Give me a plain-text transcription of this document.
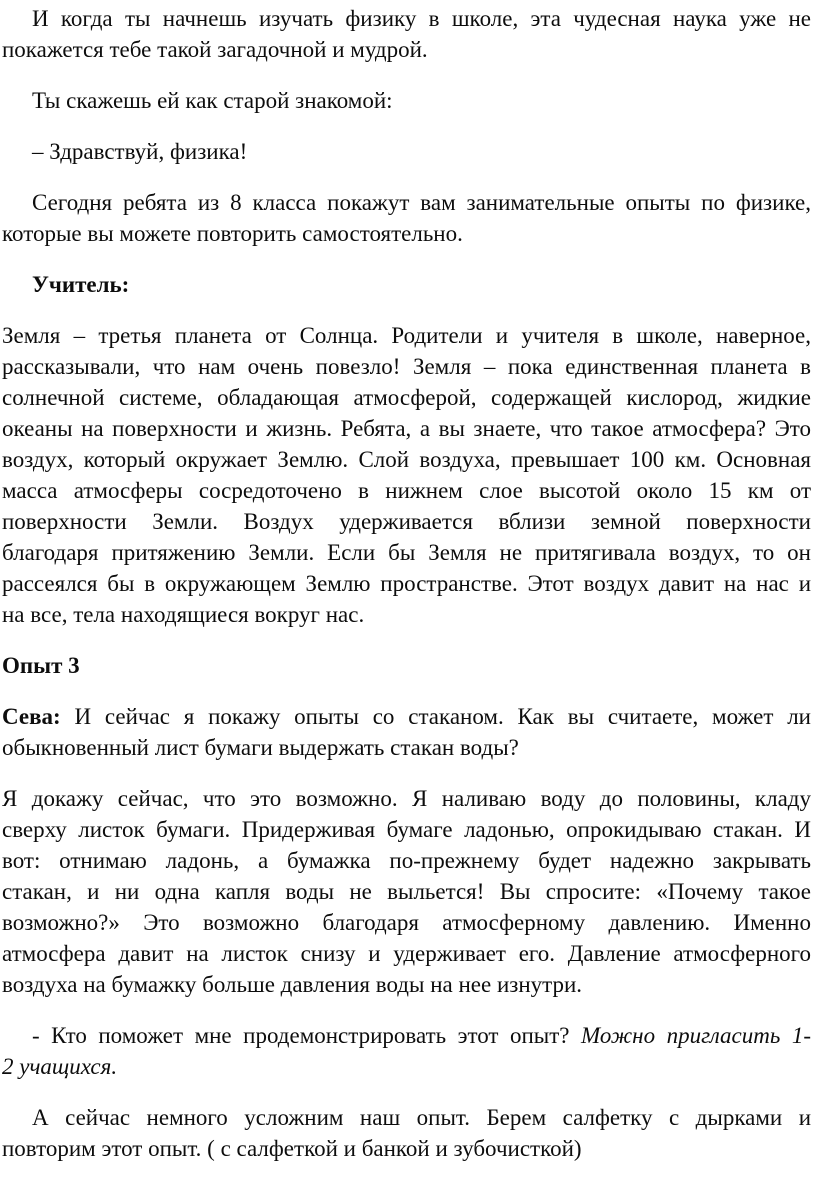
И когда ты начнешь изучать физику в школе, эта чудесная наука уже не
покажется тебе такой загадочной и мудрой.
Ты скажешь ей как старой знакомой:
– Здравствуй, физика!
Сегодня ребята из 8 класса покажут вам занимательные опыты по физике,
которые вы можете повторить самостоятельно.
Учитель:
Земля – третья планета от Солнца. Родители и учителя в школе, наверное,
рассказывали, что нам очень повезло! Земля – пока единственная планета в
солнечной системе, обладающая атмосферой, содержащей кислород, жидкие
океаны на поверхности и жизнь. Ребята, а вы знаете, что такое атмосфера? Это
воздух, который окружает Землю. Слой воздуха, превышает 100 км. Основная
масса атмосферы сосредоточено в нижнем слое высотой около 15 км от
поверхности Земли. Воздух удерживается вблизи земной поверхности
благодаря притяжению Земли. Если бы Земля не притягивала воздух, то он
рассеялся бы в окружающем Землю пространстве. Этот воздух давит на нас и
на все, тела находящиеся вокруг нас.
Опыт 3
Сева: И сейчас я покажу опыты со стаканом. Как вы считаете, может ли
обыкновенный лист бумаги выдержать стакан воды?
Я докажу сейчас, что это возможно. Я наливаю воду до половины, кладу
сверху листок бумаги. Придерживая бумаге ладонью, опрокидываю стакан. И
вот: отнимаю ладонь, а бумажка по-прежнему будет надежно закрывать
стакан, и ни одна капля воды не выльется! Вы спросите: «Почему такое
возможно?» Это возможно благодаря атмосферному давлению. Именно
атмосфера давит на листок снизу и удерживает его. Давление атмосферного
воздуха на бумажку больше давления воды на нее изнутри.
- Кто поможет мне продемонстрировать этот опыт? Можно пригласить 1-
2 учащихся.
А сейчас немного усложним наш опыт. Берем салфетку с дырками и
повторим этот опыт. ( с салфеткой и банкой и зубочисткой)
